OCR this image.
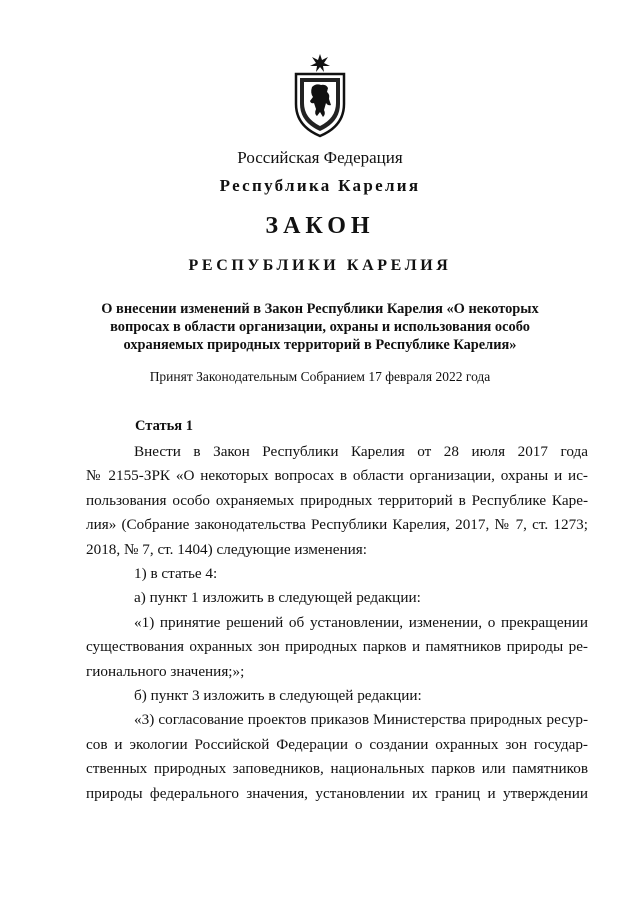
Российская Федерация
Республика Карелия
ЗАКОН
РЕСПУБЛИКИ КАРЕЛИЯ
О внесении изменений в Закон Республики Карелия «О некоторых
вопросах в области организации, охраны и использования особо
охраняемых природных территорий в Республике Карелия»
Принят Законодательным Собранием 17 февраля 2022 года
Статья 1

Внести в Закон Республики Карелия от 28 июля 2017 года

№ 2155-ЗРК «О некоторых вопросах в области организации, охраны и ис-

пользования особо охраняемых природных территорий в Республике Каре-

лия» (Собрание законодательства Республики Карелия, 2017, № 7, ст. 1273;

2018, № 7, ст. 1404) следующие изменения:

1) в статье 4:

а) пункт 1 изложить в следующей редакции:

«1) принятие решений об установлении, изменении, о прекращении

существования охранных зон природных парков и памятников природы ре-

гионального значения;»;

б) пункт 3 изложить в следующей редакции:

«3) согласование проектов приказов Министерства природных ресур-

сов и экологии Российской Федерации о создании охранных зон государ-

ственных природных заповедников, национальных парков или памятников

природы федерального значения, установлении их границ и утверждении
